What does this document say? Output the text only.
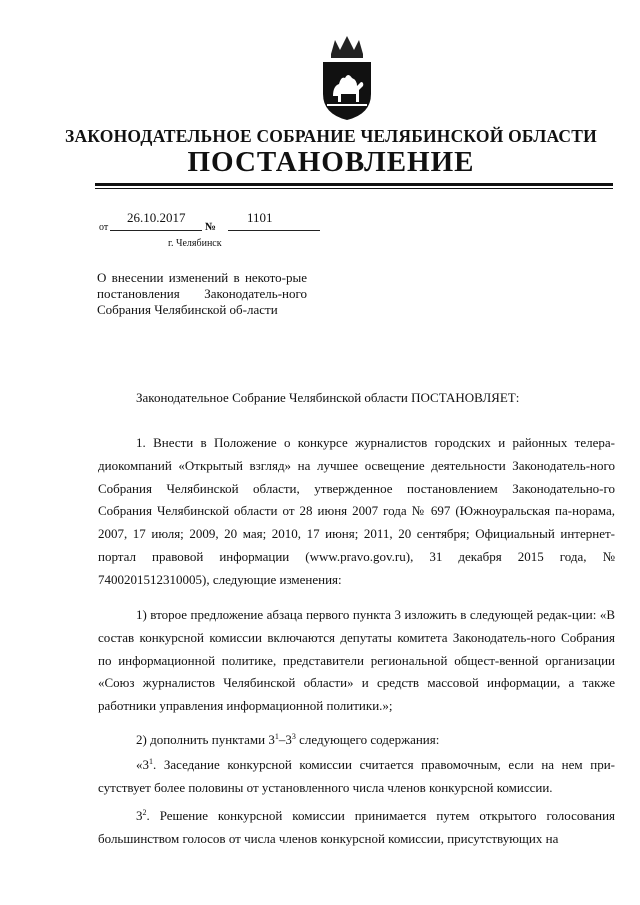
ЗАКОНОДАТЕЛЬНОЕ СОБРАНИЕ ЧЕЛЯБИНСКОЙ ОБЛАСТИ
ПОСТАНОВЛЕНИЕ
от
26.10.2017
№
1101
г. Челябинск
О внесении изменений в некото-рые постановления Законодатель-ного Собрания Челябинской об-ласти
Законодательное Собрание Челябинской области ПОСТАНОВЛЯЕТ:
1. Внести в Положение о конкурсе журналистов городских и районных телера-диокомпаний «Открытый взгляд» на лучшее освещение деятельности Законодатель-ного Собрания Челябинской области, утвержденное постановлением Законодательно-го Собрания Челябинской области от 28 июня 2007 года № 697 (Южноуральская па-норама, 2007, 17 июля; 2009, 20 мая; 2010, 17 июня; 2011, 20 сентября; Официальный интернет-портал правовой информации (www.pravo.gov.ru), 31 декабря 2015 года, № 7400201512310005), следующие изменения:
1) второе предложение абзаца первого пункта 3 изложить в следующей редак-ции: «В состав конкурсной комиссии включаются депутаты комитета Законодатель-ного Собрания по информационной политике, представители региональной общест-венной организации «Союз журналистов Челябинской области» и средств массовой информации, а также работники управления информационной политики.»;
2) дополнить пунктами $3^1-3^3$ следующего содержания:
«$3^1$. Заседание конкурсной комиссии считается правомочным, если на нем при-сутствует более половины от установленного числа членов конкурсной комиссии.
$3^2$. Решение конкурсной комиссии принимается путем открытого голосования большинством голосов от числа членов конкурсной комиссии, присутствующих на
